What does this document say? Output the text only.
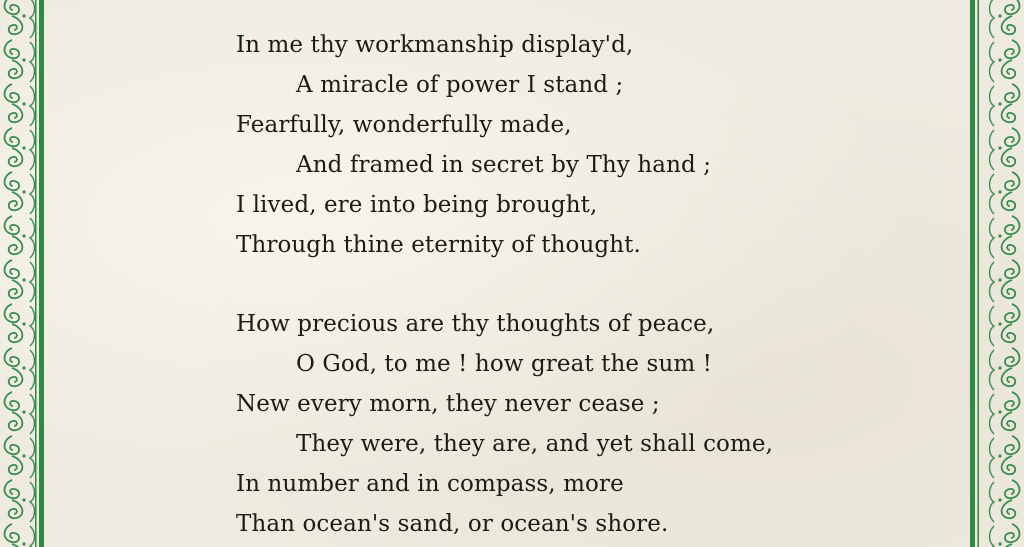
In me thy workmanship display'd,
A miracle of power I stand ;
Fearfully, wonderfully made,
And framed in secret by Thy hand ;
I lived, ere into being brought,
Through thine eternity of thought.
How precious are thy thoughts of peace,
O God, to me ! how great the sum !
New every morn, they never cease ;
They were, they are, and yet shall come,
In number and in compass, more
Than ocean's sand, or ocean's shore.
